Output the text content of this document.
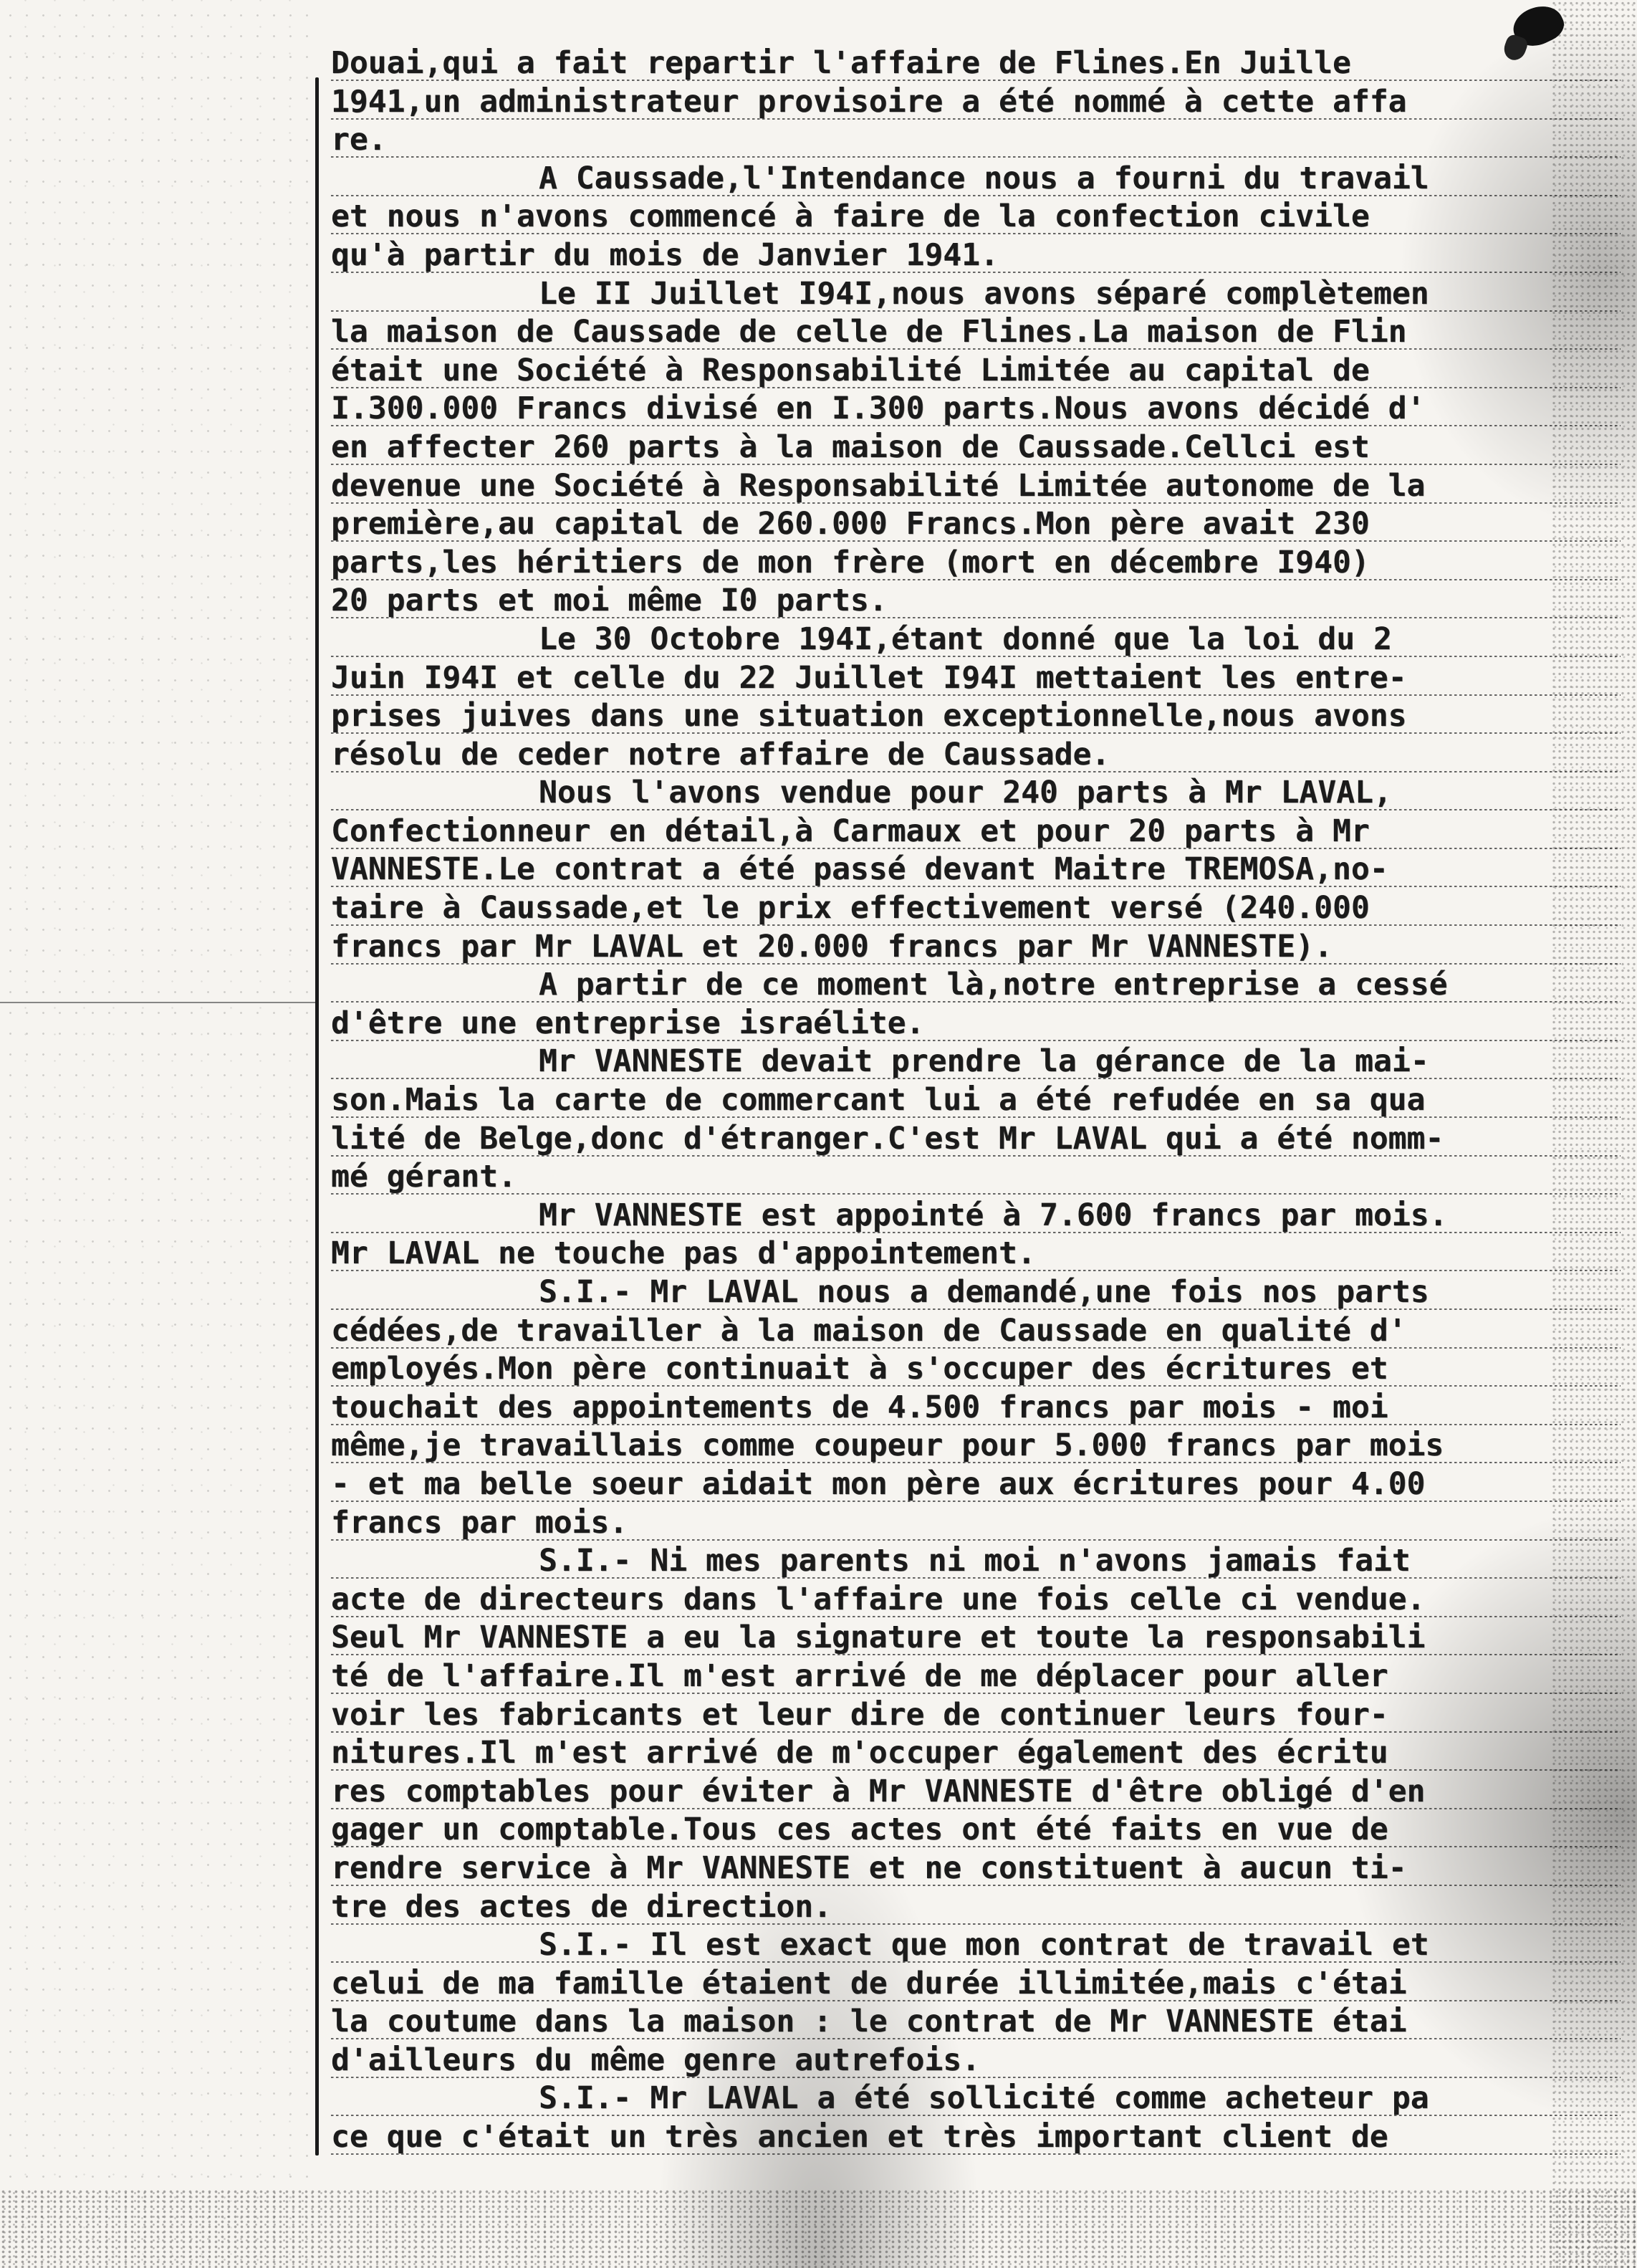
Douai,qui a fait repartir l'affaire de Flines.En Juille
1941,un administrateur provisoire a été nommé à cette affa
re.
A Caussade,l'Intendance nous a fourni du travail
et nous n'avons commencé à faire de la confection civile
qu'à partir du mois de Janvier 1941.
Le II Juillet I94I,nous avons séparé complètemen
la maison de Caussade de celle de Flines.La maison de Flin
était une Société à Responsabilité Limitée au capital de
I.300.000 Francs divisé en I.300 parts.Nous avons décidé d'
en affecter 260 parts à la maison de Caussade.Cellci est
devenue une Société à Responsabilité Limitée autonome de la
première,au capital de 260.000 Francs.Mon père avait 230
parts,les héritiers de mon frère (mort en décembre I940)
20 parts et moi même I0 parts.
Le 30 Octobre 194I,étant donné que la loi du 2
Juin I94I et celle du 22 Juillet I94I mettaient les entre-
prises juives dans une situation exceptionnelle,nous avons
résolu de ceder notre affaire de Caussade.
Nous l'avons vendue pour 240 parts à Mr LAVAL,
Confectionneur en détail,à Carmaux et pour 20 parts à Mr
VANNESTE.Le contrat a été passé devant Maitre TREMOSA,no-
taire à Caussade,et le prix effectivement versé (240.000
francs par Mr LAVAL et 20.000 francs par Mr VANNESTE).
A partir de ce moment là,notre entreprise a cessé
d'être une entreprise israélite.
Mr VANNESTE devait prendre la gérance de la mai-
son.Mais la carte de commercant lui a été refudée en sa qua
lité de Belge,donc d'étranger.C'est Mr LAVAL qui a été nomm-
mé gérant.
Mr VANNESTE est appointé à 7.600 francs par mois.
Mr LAVAL ne touche pas d'appointement.
S.I.- Mr LAVAL nous a demandé,une fois nos parts
cédées,de travailler à la maison de Caussade en qualité d'
employés.Mon père continuait à s'occuper des écritures et
touchait des appointements de 4.500 francs par mois - moi
même,je travaillais comme coupeur pour 5.000 francs par mois
- et ma belle soeur aidait mon père aux écritures pour 4.00
francs par mois.
S.I.- Ni mes parents ni moi n'avons jamais fait
acte de directeurs dans l'affaire une fois celle ci vendue.
Seul Mr VANNESTE a eu la signature et toute la responsabili
té de l'affaire.Il m'est arrivé de me déplacer pour aller
voir les fabricants et leur dire de continuer leurs four-
nitures.Il m'est arrivé de m'occuper également des écritu
res comptables pour éviter à Mr VANNESTE d'être obligé d'en
gager un comptable.Tous ces actes ont été faits en vue de
rendre service à Mr VANNESTE et ne constituent à aucun ti-
tre des actes de direction.
S.I.- Il est exact que mon contrat de travail et
celui de ma famille étaient de durée illimitée,mais c'étai
la coutume dans la maison : le contrat de Mr VANNESTE étai
d'ailleurs du même genre autrefois.
S.I.- Mr LAVAL a été sollicité comme acheteur pa
ce que c'était un très ancien et très important client de
